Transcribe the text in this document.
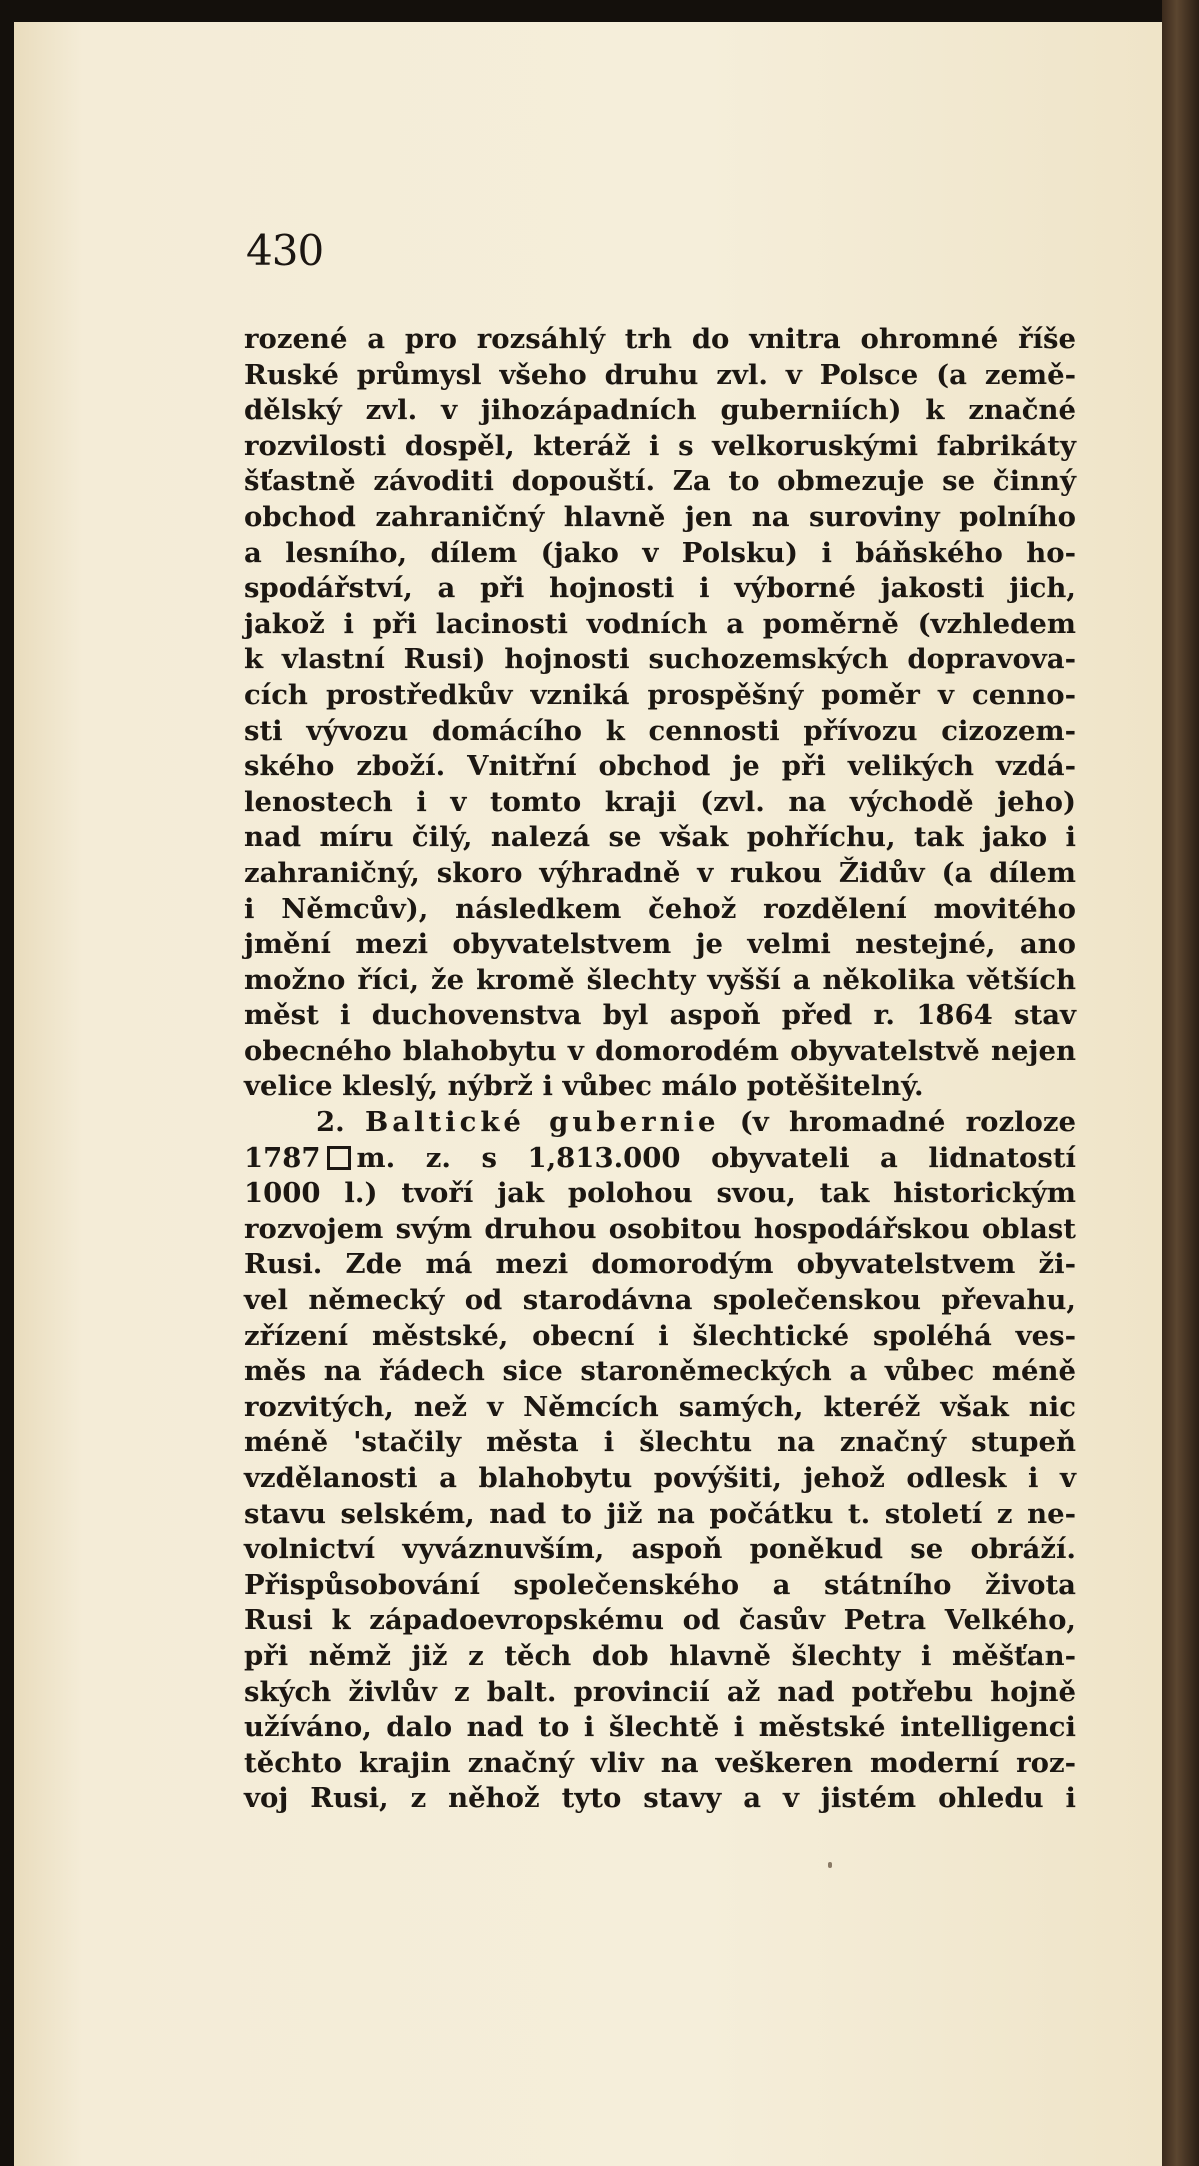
430
rozené a pro rozsáhlý trh do vnitra ohromné říše
Ruské průmysl všeho druhu zvl. v Polsce (a země-
dělský zvl. v jihozápadních guberniích) k značné
rozvilosti dospěl, kteráž i s velkoruskými fabrikáty
šťastně závoditi dopouští. Za to obmezuje se činný
obchod zahraničný hlavně jen na suroviny polního
a lesního, dílem (jako v Polsku) i báňského ho-
spodářství, a při hojnosti i výborné jakosti jich,
jakož i při lacinosti vodních a poměrně (vzhledem
k vlastní Rusi) hojnosti suchozemských dopravova-
cích prostředkův vzniká prospěšný poměr v cenno-
sti vývozu domácího k cennosti přívozu cizozem-
ského zboží. Vnitřní obchod je při velikých vzdá-
lenostech i v tomto kraji (zvl. na východě jeho)
nad míru čilý, nalezá se však pohříchu, tak jako i
zahraničný, skoro výhradně v rukou Židův (a dílem
i Němcův), následkem čehož rozdělení movitého
jmění mezi obyvatelstvem je velmi nestejné, ano
možno říci, že kromě šlechty vyšší a několika větších
měst i duchovenstva byl aspoň před r. 1864 stav
obecného blahobytu v domorodém obyvatelstvě nejen
velice kleslý, nýbrž i vůbec málo potěšitelný.
2. Baltické gubernie (v hromadné rozloze
1787 m. z. s 1,813.000 obyvateli a lidnatostí
1000 l.) tvoří jak polohou svou, tak historickým
rozvojem svým druhou osobitou hospodářskou oblast
Rusi. Zde má mezi domorodým obyvatelstvem ži-
vel německý od starodávna společenskou převahu,
zřízení městské, obecní i šlechtické spoléhá ves-
měs na řádech sice staroněmeckých a vůbec méně
rozvitých, než v Němcích samých, kteréž však nic
méně 'stačily města i šlechtu na značný stupeň
vzdělanosti a blahobytu povýšiti, jehož odlesk i v
stavu selském, nad to již na počátku t. století z ne-
volnictví vyváznuvším, aspoň poněkud se obráží.
Přispůsobování společenského a státního života
Rusi k západoevropskému od časův Petra Velkého,
při němž již z těch dob hlavně šlechty i měšťan-
ských živlův z balt. provincií až nad potřebu hojně
užíváno, dalo nad to i šlechtě i městské intelligenci
těchto krajin značný vliv na veškeren moderní roz-
voj Rusi, z něhož tyto stavy a v jistém ohledu i
